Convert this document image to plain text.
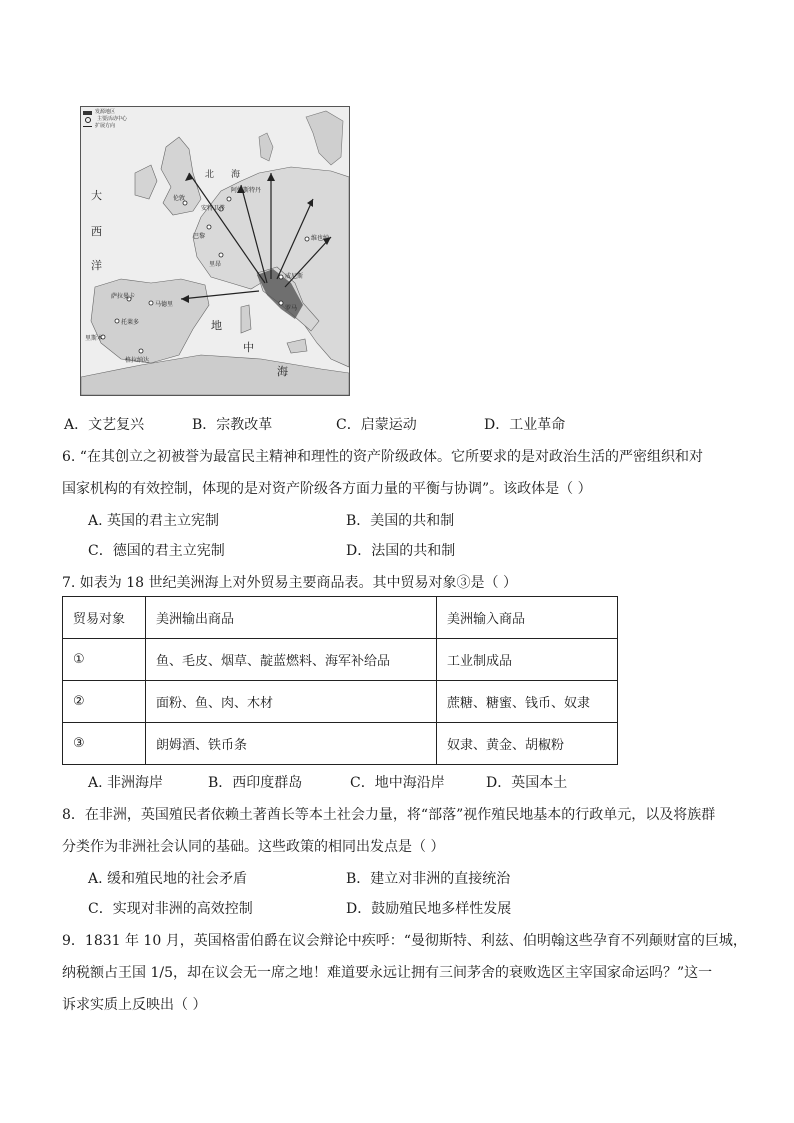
发源地区
主要活动中心
扩展方向
大
西
洋
北 海
地
中
海
伦敦
巴黎
阿姆斯特丹
安特卫普
里昂
威尼斯
罗马
马德里
萨拉曼卡
托莱多
里斯本
格拉纳达
维也纳
A．文艺复兴	B．宗教改革	C．启蒙运动	D．工业革命
6. “在其创立之初被誉为最富民主精神和理性的资产阶级政体。它所要求的是对政治生活的严密组织和对
国家机构的有效控制，体现的是对资产阶级各方面力量的平衡与协调”。该政体是（ ）
A. 英国的君主立宪制	B．美国的共和制
C．德国的君主立宪制	D．法国的共和制
7. 如表为 18 世纪美洲海上对外贸易主要商品表。其中贸易对象③是（ ）
贸易对象	美洲输出商品	美洲输入商品
①	鱼、毛皮、烟草、靛蓝燃料、海军补给品	工业制成品
②	面粉、鱼、肉、木材	蔗糖、糖蜜、钱币、奴隶
③	朗姆酒、铁币条	奴隶、黄金、胡椒粉
A. 非洲海岸	B．西印度群岛	C．地中海沿岸	D．英国本土
8．在非洲，英国殖民者依赖土著酋长等本土社会力量，将“部落”视作殖民地基本的行政单元，以及将族群
分类作为非洲社会认同的基础。这些政策的相同出发点是（ ）
A. 缓和殖民地的社会矛盾	B．建立对非洲的直接统治
C．实现对非洲的高效控制	D．鼓励殖民地多样性发展
9．1831 年 10 月，英国格雷伯爵在议会辩论中疾呼：“曼彻斯特、利兹、伯明翰这些孕育不列颠财富的巨城，
纳税额占王国 1/5，却在议会无一席之地！难道要永远让拥有三间茅舍的衰败选区主宰国家命运吗？”这一
诉求实质上反映出（ ）
